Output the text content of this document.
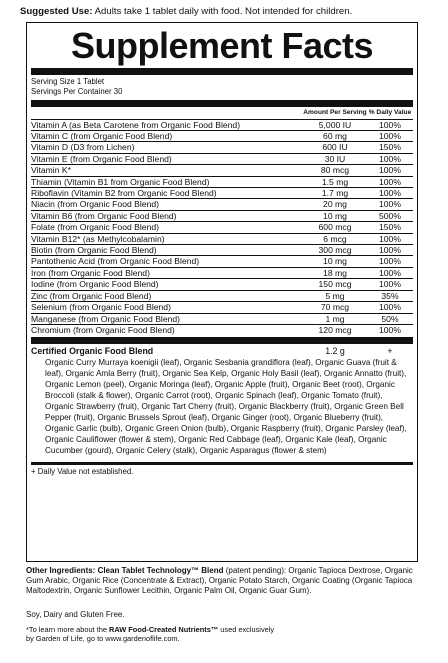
Suggested Use: Adults take 1 tablet daily with food. Not intended for children.
Supplement Facts
Serving Size 1 Tablet
Servings Per Container 30
Amount Per Serving % Daily Value
Vitamin A (as Beta Carotene from Organic Food Blend)	5,000 IU	100%
Vitamin C (from Organic Food Blend)	60 mg	100%
Vitamin D (D3 from Lichen)	600 IU	150%
Vitamin E (from Organic Food Blend)	30 IU	100%
Vitamin K*	80 mcg	100%
Thiamin (Vitamin B1 from Organic Food Blend)	1.5 mg	100%
Riboflavin (Vitamin B2 from Organic Food Blend)	1.7 mg	100%
Niacin (from Organic Food Blend)	20 mg	100%
Vitamin B6 (from Organic Food Blend)	10 mg	500%
Folate (from Organic Food Blend)	600 mcg	150%
Vitamin B12* (as Methylcobalamin)	6 mcg	100%
Biotin (from Organic Food Blend)	300 mcg	100%
Pantothenic Acid (from Organic Food Blend)	10 mg	100%
Iron (from Organic Food Blend)	18 mg	100%
Iodine (from Organic Food Blend)	150 mcg	100%
Zinc (from Organic Food Blend)	5 mg	35%
Selenium (from Organic Food Blend)	70 mcg	100%
Manganese (from Organic Food Blend)	1 mg	50%
Chromium (from Organic Food Blend)	120 mcg	100%
Certified Organic Food Blend	1.2 g	+
Organic Curry Murraya koenigii (leaf), Organic Sesbania grandiflora (leaf), Organic Guava (fruit & leaf), Organic Amla Berry (fruit), Organic Sea Kelp, Organic Holy Basil (leaf), Organic Annatto (fruit), Organic Lemon (peel), Organic Moringa (leaf), Organic Apple (fruit), Organic Beet (root), Organic Broccoli (stalk & flower), Organic Carrot (root), Organic Spinach (leaf), Organic Tomato (fruit), Organic Strawberry (fruit), Organic Tart Cherry (fruit), Organic Blackberry (fruit), Organic Green Bell Pepper (fruit), Organic Brussels Sprout (leaf), Organic Ginger (root), Organic Blueberry (fruit), Organic Garlic (bulb), Organic Green Onion (bulb), Organic Raspberry (fruit), Organic Parsley (leaf), Organic Cauliflower (flower & stem), Organic Red Cabbage (leaf), Organic Kale (leaf), Organic Cucumber (gourd), Organic Celery (stalk), Organic Asparagus (flower & stem)
+ Daily Value not established.
Other Ingredients: Clean Tablet Technology™ Blend (patent pending): Organic Tapioca Dextrose, Organic Gum Arabic, Organic Rice (Concentrate & Extract), Organic Potato Starch, Organic Coating (Organic Tapioca Maltodextrin, Organic Sunflower Lecithin, Organic Palm Oil, Organic Guar Gum).
Soy, Dairy and Gluten Free.
*To learn more about the RAW Food-Created Nutrients™ used exclusively by Garden of Life, go to www.gardenoflife.com.
